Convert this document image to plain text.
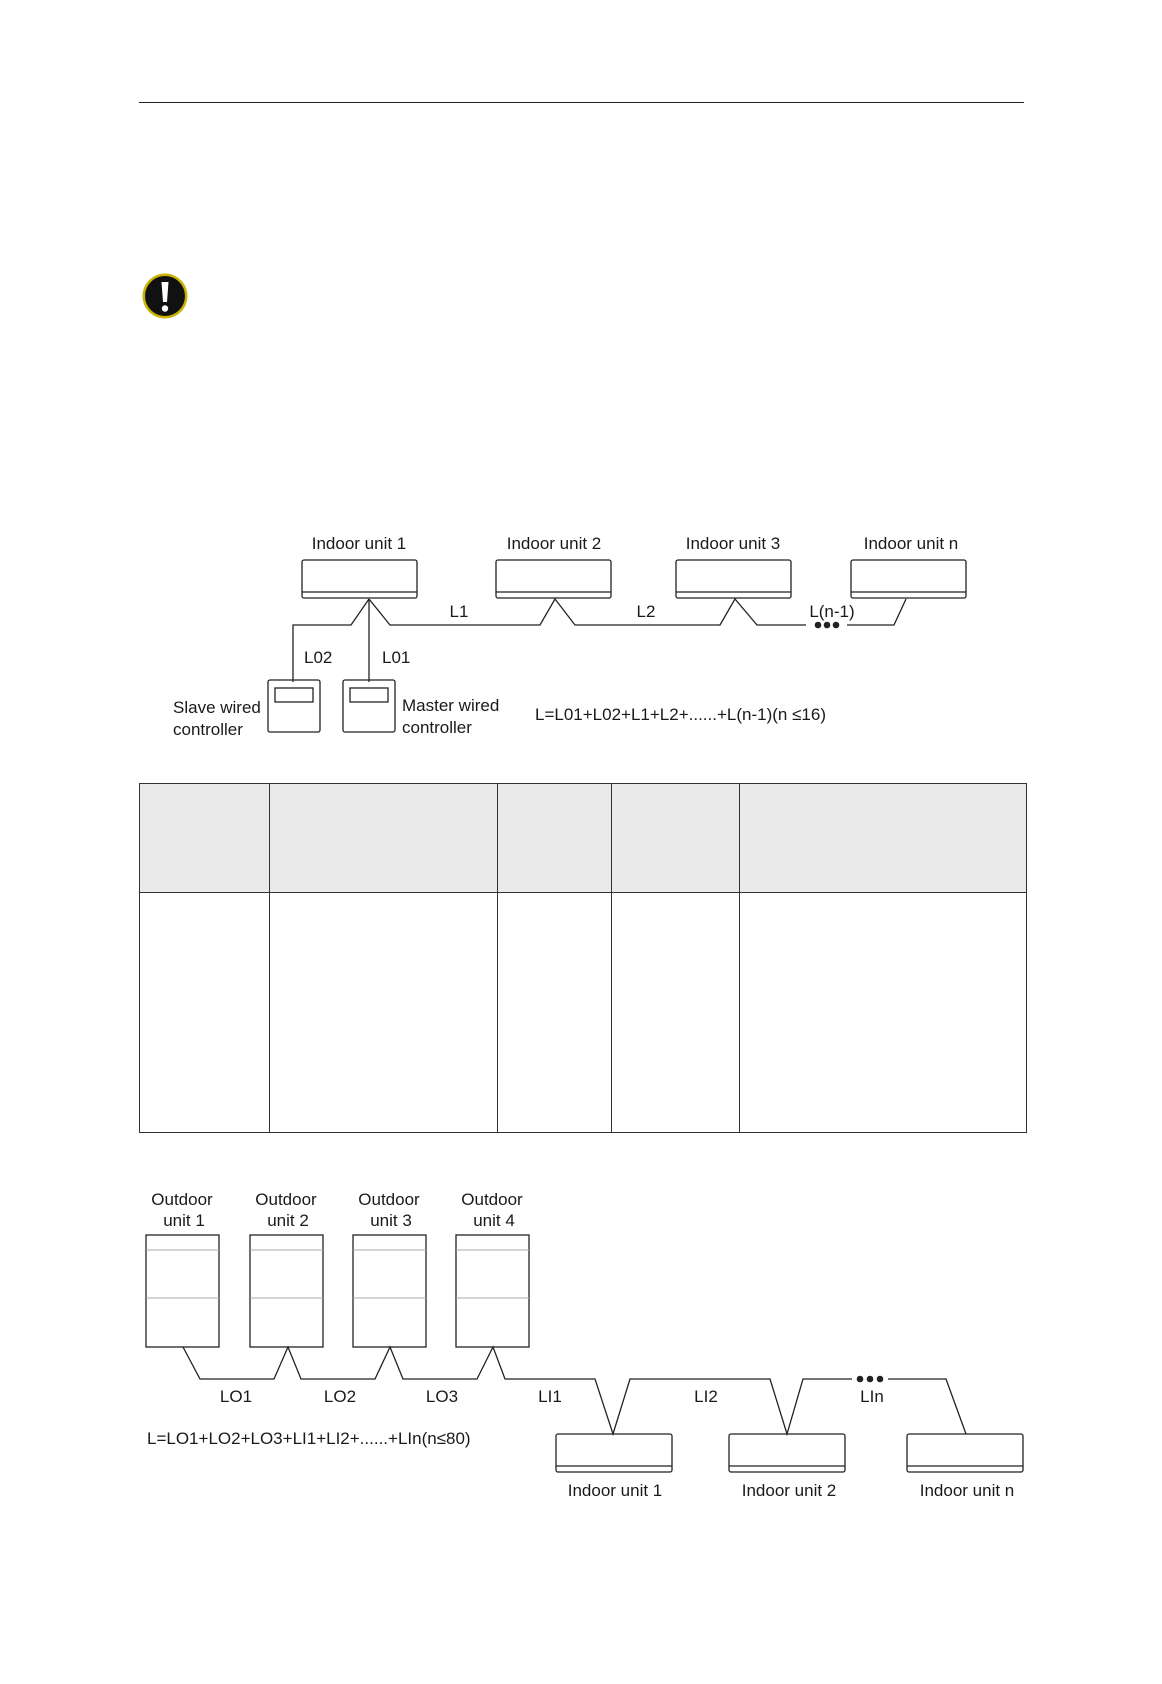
Indoor unit 1	Indoor unit 2	Indoor unit 3	Indoor unit n
L1	L2	L(n-1)
L02	L01
Slave wired
controller
Master wired
controller
L=L01+L02+L1+L2+......+L(n-1)(n ≤16)

Outdoor
unit 1
Outdoor
unit 2
Outdoor
unit 3
Outdoor
unit 4
LO1	LO2	LO3	LI1	LI2	LIn
L=LO1+LO2+LO3+LI1+LI2+......+LIn(n≤80)
Indoor unit 1	Indoor unit 2	Indoor unit n
